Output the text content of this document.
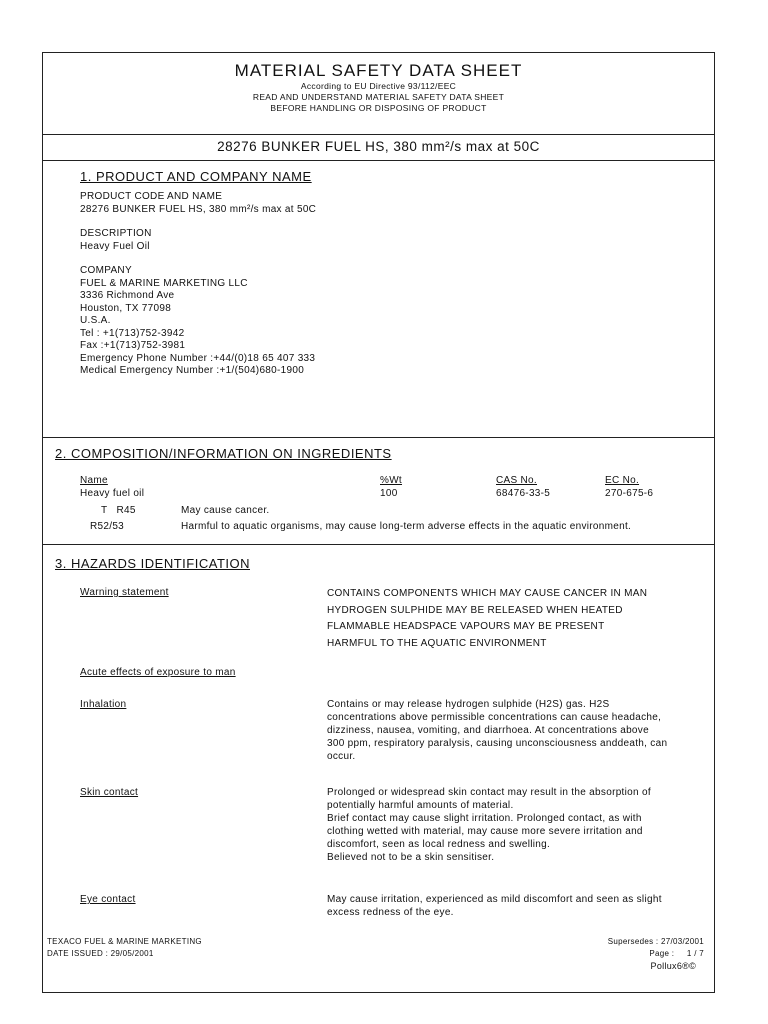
MATERIAL SAFETY DATA SHEET
According to EU Directive 93/112/EEC
READ AND UNDERSTAND MATERIAL SAFETY DATA SHEET
BEFORE HANDLING OR DISPOSING OF PRODUCT
28276 BUNKER FUEL HS, 380 mm²/s max at 50C
1. PRODUCT AND COMPANY NAME
PRODUCT CODE AND NAME
28276 BUNKER FUEL HS, 380 mm²/s max at 50C
DESCRIPTION
Heavy Fuel Oil
COMPANY
FUEL & MARINE MARKETING LLC
3336 Richmond Ave
Houston, TX 77098
U.S.A.
Tel : +1(713)752-3942
Fax :+1(713)752-3981
Emergency Phone Number :+44/(0)18 65 407 333
Medical Emergency Number :+1/(504)680-1900
2. COMPOSITION/INFORMATION ON INGREDIENTS
Name	%Wt	CAS No.	EC No.
Heavy fuel oil	100	68476-33-5	270-675-6
T   R45	May cause cancer.
R52/53	Harmful to aquatic organisms, may cause long-term adverse effects in the aquatic environment.
3. HAZARDS IDENTIFICATION
Warning statement	CONTAINS COMPONENTS WHICH MAY CAUSE CANCER IN MAN
HYDROGEN SULPHIDE MAY BE RELEASED WHEN HEATED
FLAMMABLE HEADSPACE VAPOURS MAY BE PRESENT
HARMFUL TO THE AQUATIC ENVIRONMENT
Acute effects of exposure to man
Inhalation	Contains or may release hydrogen sulphide (H2S) gas. H2S
concentrations above permissible concentrations can cause headache,
dizziness, nausea, vomiting, and diarrhoea. At concentrations above
300 ppm, respiratory paralysis, causing unconsciousness anddeath, can
occur.
Skin contact	Prolonged or widespread skin contact may result in the absorption of
potentially harmful amounts of material.
Brief contact may cause slight irritation. Prolonged contact, as with
clothing wetted with material, may cause more severe irritation and
discomfort, seen as local redness and swelling.
Believed not to be a skin sensitiser.
Eye contact	May cause irritation, experienced as mild discomfort and seen as slight
excess redness of the eye.
TEXACO FUEL & MARINE MARKETING
DATE ISSUED : 29/05/2001
Supersedes : 27/03/2001
Page :     1 / 7
Pollux6®©
